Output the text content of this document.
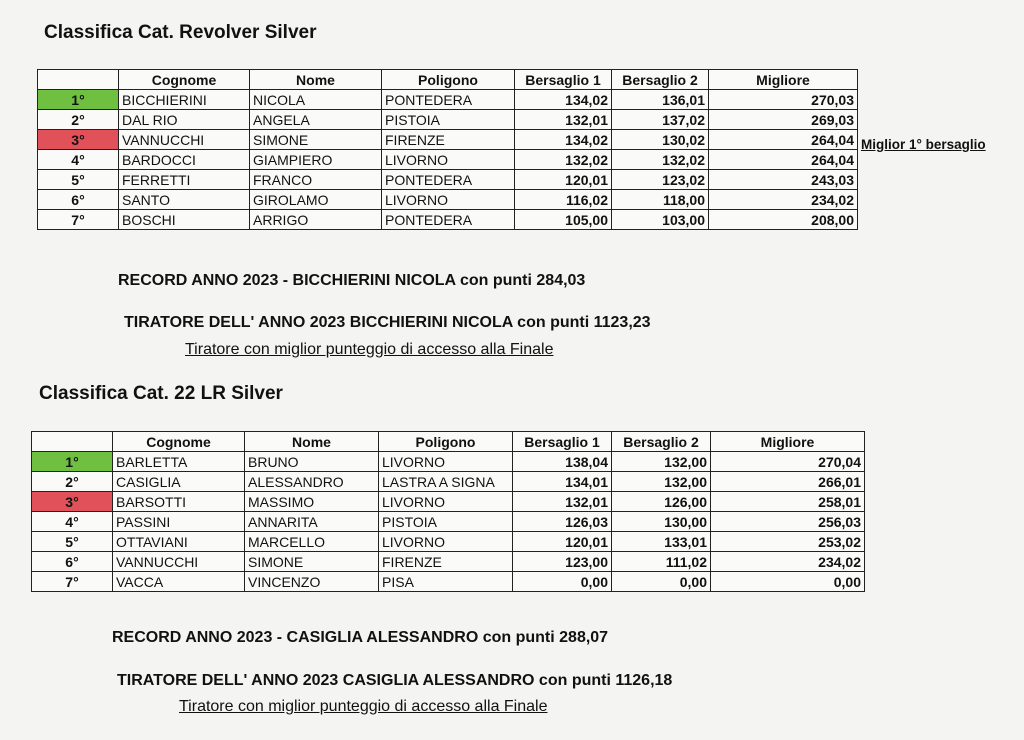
Classifica Cat. Revolver Silver
	Cognome	Nome	Poligono	Bersaglio 1	Bersaglio 2	Migliore
1°	BICCHIERINI	NICOLA	PONTEDERA	134,02	136,01	270,03
2°	DAL RIO	ANGELA	PISTOIA	132,01	137,02	269,03
3°	VANNUCCHI	SIMONE	FIRENZE	134,02	130,02	264,04
4°	BARDOCCI	GIAMPIERO	LIVORNO	132,02	132,02	264,04
5°	FERRETTI	FRANCO	PONTEDERA	120,01	123,02	243,03
6°	SANTO	GIROLAMO	LIVORNO	116,02	118,00	234,02
7°	BOSCHI	ARRIGO	PONTEDERA	105,00	103,00	208,00
Miglior 1° bersaglio
RECORD ANNO 2023 - BICCHIERINI NICOLA con punti 284,03
TIRATORE DELL' ANNO 2023 BICCHIERINI NICOLA con punti 1123,23
Tiratore con miglior punteggio di accesso alla Finale
Classifica Cat. 22 LR Silver
	Cognome	Nome	Poligono	Bersaglio 1	Bersaglio 2	Migliore
1°	BARLETTA	BRUNO	LIVORNO	138,04	132,00	270,04
2°	CASIGLIA	ALESSANDRO	LASTRA A SIGNA	134,01	132,00	266,01
3°	BARSOTTI	MASSIMO	LIVORNO	132,01	126,00	258,01
4°	PASSINI	ANNARITA	PISTOIA	126,03	130,00	256,03
5°	OTTAVIANI	MARCELLO	LIVORNO	120,01	133,01	253,02
6°	VANNUCCHI	SIMONE	FIRENZE	123,00	111,02	234,02
7°	VACCA	VINCENZO	PISA	0,00	0,00	0,00
RECORD ANNO 2023 - CASIGLIA ALESSANDRO con punti 288,07
TIRATORE DELL' ANNO 2023 CASIGLIA ALESSANDRO con punti 1126,18
Tiratore con miglior punteggio di accesso alla Finale
